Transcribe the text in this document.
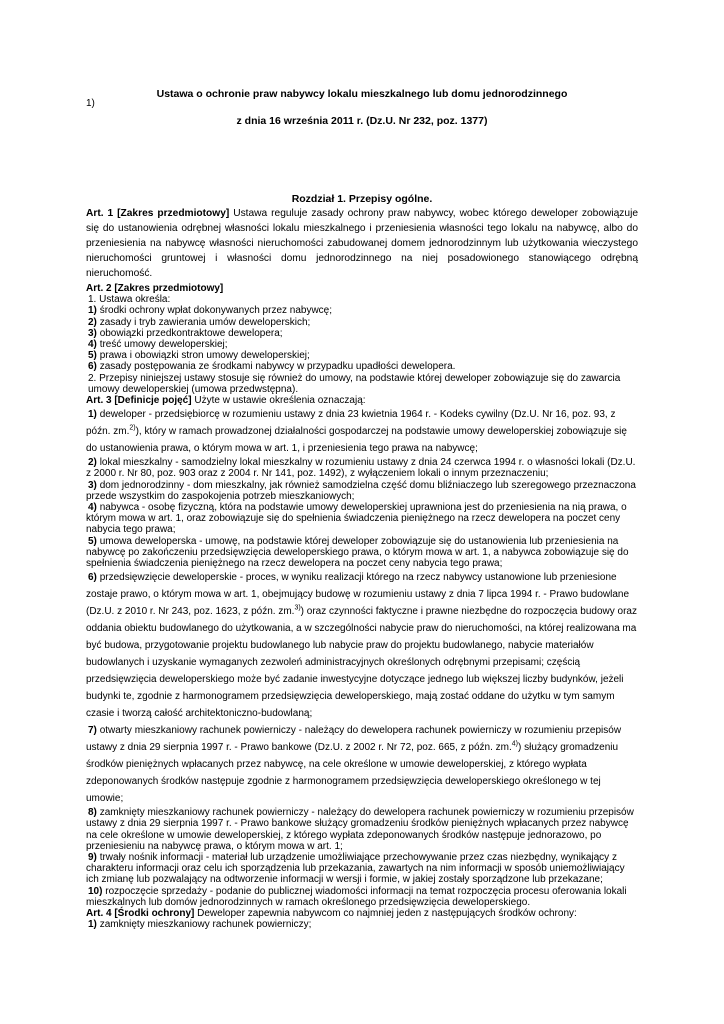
1)

Ustawa o ochronie praw nabywcy lokalu mieszkalnego lub domu jednorodzinnego

z dnia 16 września 2011 r. (Dz.U. Nr 232, poz. 1377)

Rozdział 1. Przepisy ogólne.

Art. 1 [Zakres przedmiotowy] Ustawa reguluje zasady ochrony praw nabywcy, wobec którego deweloper zobowiązuje się do ustanowienia odrębnej własności lokalu mieszkalnego i przeniesienia własności tego lokalu na nabywcę, albo do przeniesienia na nabywcę własności nieruchomości zabudowanej domem jednorodzinnym lub użytkowania wieczystego nieruchomości gruntowej i własności domu jednorodzinnego na niej posadowionego stanowiącego odrębną nieruchomość.

Art. 2 [Zakres przedmiotowy]

1. Ustawa określa:

1) środki ochrony wpłat dokonywanych przez nabywcę;

2) zasady i tryb zawierania umów deweloperskich;

3) obowiązki przedkontraktowe dewelopera;

4) treść umowy deweloperskiej;

5) prawa i obowiązki stron umowy deweloperskiej;

6) zasady postępowania ze środkami nabywcy w przypadku upadłości dewelopera.

2. Przepisy niniejszej ustawy stosuje się również do umowy, na podstawie której deweloper zobowiązuje się do zawarcia umowy deweloperskiej (umowa przedwstępna).

Art. 3 [Definicje pojęć] Użyte w ustawie określenia oznaczają:

1) deweloper - przedsiębiorcę w rozumieniu ustawy z dnia 23 kwietnia 1964 r. - Kodeks cywilny (Dz.U. Nr 16, poz. 93, z późn. zm.$^{2)}$), który w ramach prowadzonej działalności gospodarczej na podstawie umowy deweloperskiej zobowiązuje się do ustanowienia prawa, o którym mowa w art. 1, i przeniesienia tego prawa na nabywcę;

2) lokal mieszkalny - samodzielny lokal mieszkalny w rozumieniu ustawy z dnia 24 czerwca 1994 r. o własności lokali (Dz.U. z 2000 r. Nr 80, poz. 903 oraz z 2004 r. Nr 141, poz. 1492), z wyłączeniem lokali o innym przeznaczeniu;

3) dom jednorodzinny - dom mieszkalny, jak również samodzielna część domu bliźniaczego lub szeregowego przeznaczona przede wszystkim do zaspokojenia potrzeb mieszkaniowych;

4) nabywca - osobę fizyczną, która na podstawie umowy deweloperskiej uprawniona jest do przeniesienia na nią prawa, o którym mowa w art. 1, oraz zobowiązuje się do spełnienia świadczenia pieniężnego na rzecz dewelopera na poczet ceny nabycia tego prawa;

5) umowa deweloperska - umowę, na podstawie której deweloper zobowiązuje się do ustanowienia lub przeniesienia na nabywcę po zakończeniu przedsięwzięcia deweloperskiego prawa, o którym mowa w art. 1, a nabywca zobowiązuje się do spełnienia świadczenia pieniężnego na rzecz dewelopera na poczet ceny nabycia tego prawa;

6) przedsięwzięcie deweloperskie - proces, w wyniku realizacji którego na rzecz nabywcy ustanowione lub przeniesione zostaje prawo, o którym mowa w art. 1, obejmujący budowę w rozumieniu ustawy z dnia 7 lipca 1994 r. - Prawo budowlane (Dz.U. z 2010 r. Nr 243, poz. 1623, z późn. zm.$^{3)}$) oraz czynności faktyczne i prawne niezbędne do rozpoczęcia budowy oraz oddania obiektu budowlanego do użytkowania, a w szczególności nabycie praw do nieruchomości, na której realizowana ma być budowa, przygotowanie projektu budowlanego lub nabycie praw do projektu budowlanego, nabycie materiałów budowlanych i uzyskanie wymaganych zezwoleń administracyjnych określonych odrębnymi przepisami; częścią przedsięwzięcia deweloperskiego może być zadanie inwestycyjne dotyczące jednego lub większej liczby budynków, jeżeli budynki te, zgodnie z harmonogramem przedsięwzięcia deweloperskiego, mają zostać oddane do użytku w tym samym czasie i tworzą całość architektoniczno-budowlaną;

7) otwarty mieszkaniowy rachunek powierniczy - należący do dewelopera rachunek powierniczy w rozumieniu przepisów ustawy z dnia 29 sierpnia 1997 r. - Prawo bankowe (Dz.U. z 2002 r. Nr 72, poz. 665, z późn. zm.$^{4)}$) służący gromadzeniu środków pieniężnych wpłacanych przez nabywcę, na cele określone w umowie deweloperskiej, z którego wypłata zdeponowanych środków następuje zgodnie z harmonogramem przedsięwzięcia deweloperskiego określonego w tej umowie;

8) zamknięty mieszkaniowy rachunek powierniczy - należący do dewelopera rachunek powierniczy w rozumieniu przepisów ustawy z dnia 29 sierpnia 1997 r. - Prawo bankowe służący gromadzeniu środków pieniężnych wpłacanych przez nabywcę na cele określone w umowie deweloperskiej, z którego wypłata zdeponowanych środków następuje jednorazowo, po przeniesieniu na nabywcę prawa, o którym mowa w art. 1;

9) trwały nośnik informacji - materiał lub urządzenie umożliwiające przechowywanie przez czas niezbędny, wynikający z charakteru informacji oraz celu ich sporządzenia lub przekazania, zawartych na nim informacji w sposób uniemożliwiający ich zmianę lub pozwalający na odtworzenie informacji w wersji i formie, w jakiej zostały sporządzone lub przekazane;

10) rozpoczęcie sprzedaży - podanie do publicznej wiadomości informacji na temat rozpoczęcia procesu oferowania lokali mieszkalnych lub domów jednorodzinnych w ramach określonego przedsięwzięcia deweloperskiego.

Art. 4 [Środki ochrony] Deweloper zapewnia nabywcom co najmniej jeden z następujących środków ochrony:

1) zamknięty mieszkaniowy rachunek powierniczy;
